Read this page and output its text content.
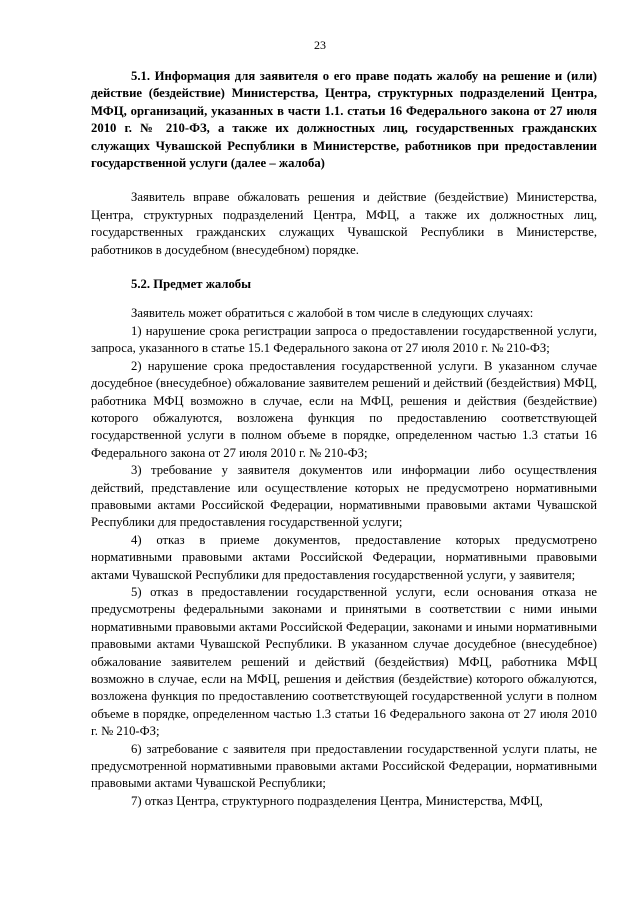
23

5.1. Информация для заявителя о его праве подать жалобу на решение и (или) действие (бездействие) Министерства, Центра, структурных подразделений Центра, МФЦ, организаций, указанных в части 1.1. статьи 16 Федерального закона от 27 июля 2010 г. № 210-ФЗ, а также их должностных лиц, государственных гражданских служащих Чувашской Республики в Министерстве, работников при предоставлении государственной услуги (далее – жалоба)

Заявитель вправе обжаловать решения и действие (бездействие) Министерства, Центра, структурных подразделений Центра, МФЦ, а также их должностных лиц, государственных гражданских служащих Чувашской Республики в Министерстве, работников в досудебном (внесудебном) порядке.

5.2. Предмет жалобы

Заявитель может обратиться с жалобой в том числе в следующих случаях:

1) нарушение срока регистрации запроса о предоставлении государственной услуги, запроса, указанного в статье 15.1 Федерального закона от 27 июля 2010 г. № 210-ФЗ;

2) нарушение срока предоставления государственной услуги. В указанном случае досудебное (внесудебное) обжалование заявителем решений и действий (бездействия) МФЦ, работника МФЦ возможно в случае, если на МФЦ, решения и действия (бездействие) которого обжалуются, возложена функция по предоставлению соответствующей государственной услуги в полном объеме в порядке, определенном частью 1.3 статьи 16 Федерального закона от 27 июля 2010 г. № 210-ФЗ;

3) требование у заявителя документов или информации либо осуществления действий, представление или осуществление которых не предусмотрено нормативными правовыми актами Российской Федерации, нормативными правовыми актами Чувашской Республики для предоставления государственной услуги;

4) отказ в приеме документов, предоставление которых предусмотрено нормативными правовыми актами Российской Федерации, нормативными правовыми актами Чувашской Республики для предоставления государственной услуги, у заявителя;

5) отказ в предоставлении государственной услуги, если основания отказа не предусмотрены федеральными законами и принятыми в соответствии с ними иными нормативными правовыми актами Российской Федерации, законами и иными нормативными правовыми актами Чувашской Республики. В указанном случае досудебное (внесудебное) обжалование заявителем решений и действий (бездействия) МФЦ, работника МФЦ возможно в случае, если на МФЦ, решения и действия (бездействие) которого обжалуются, возложена функция по предоставлению соответствующей государственной услуги в полном объеме в порядке, определенном частью 1.3 статьи 16 Федерального закона от 27 июля 2010 г. № 210-ФЗ;

6) затребование с заявителя при предоставлении государственной услуги платы, не предусмотренной нормативными правовыми актами Российской Федерации, нормативными правовыми актами Чувашской Республики;

7) отказ Центра, структурного подразделения Центра, Министерства, МФЦ,
